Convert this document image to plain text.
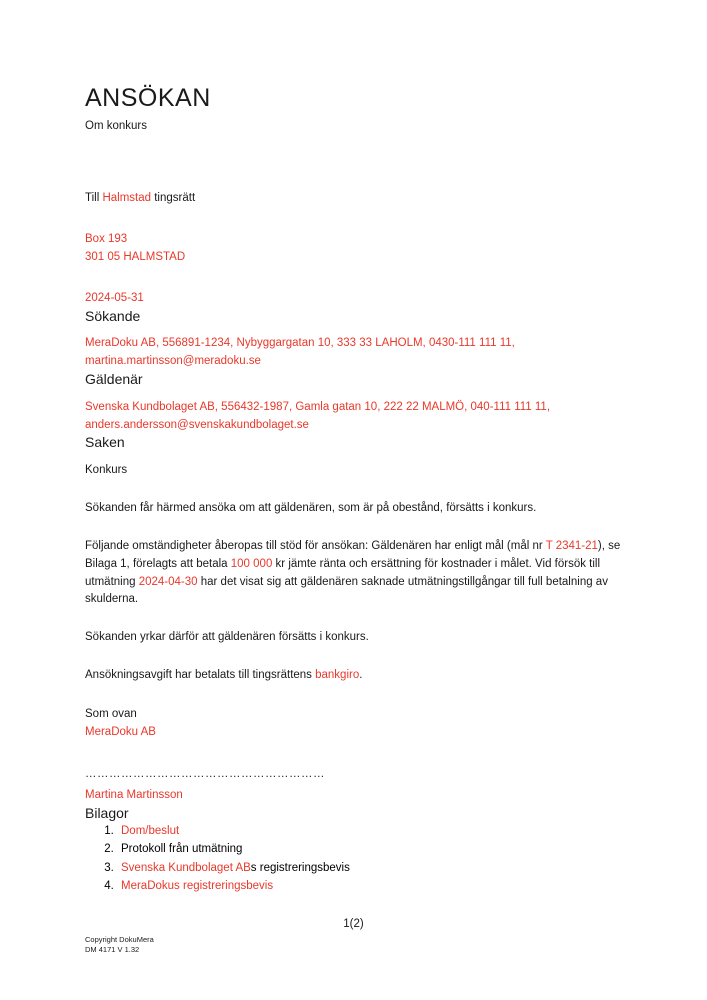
ANSÖKAN
Om konkurs
Till Halmstad tingsrätt
Box 193
301 05 HALMSTAD
2024-05-31
Sökande
MeraDoku AB, 556891-1234, Nybyggargatan 10, 333 33 LAHOLM, 0430-111 111 11,
martina.martinsson@meradoku.se
Gäldenär
Svenska Kundbolaget AB, 556432-1987, Gamla gatan 10, 222 22 MALMÖ, 040-111 111 11,
anders.andersson@svenskakundbolaget.se
Saken
Konkurs

Sökanden får härmed ansöka om att gäldenären, som är på obestånd, försätts i konkurs.

Följande omständigheter åberopas till stöd för ansökan: Gäldenären har enligt mål (mål nr T 2341-21), se Bilaga 1, förelagts att betala 100 000 kr jämte ränta och ersättning för kostnader i målet. Vid försök till utmätning 2024-04-30 har det visat sig att gäldenären saknade utmätningstillgångar till full betalning av skulderna.

Sökanden yrkar därför att gäldenären försätts i konkurs.

Ansökningsavgift har betalats till tingsrättens bankgiro.

Som ovan
MeraDoku AB
……………………………………………………
Martina Martinsson
Bilagor
1. Dom/beslut
2. Protokoll från utmätning
3. Svenska Kundbolaget ABs registreringsbevis
4. MeraDokus registreringsbevis
1(2)
Copyright DokuMera
DM 4171 V 1.32
